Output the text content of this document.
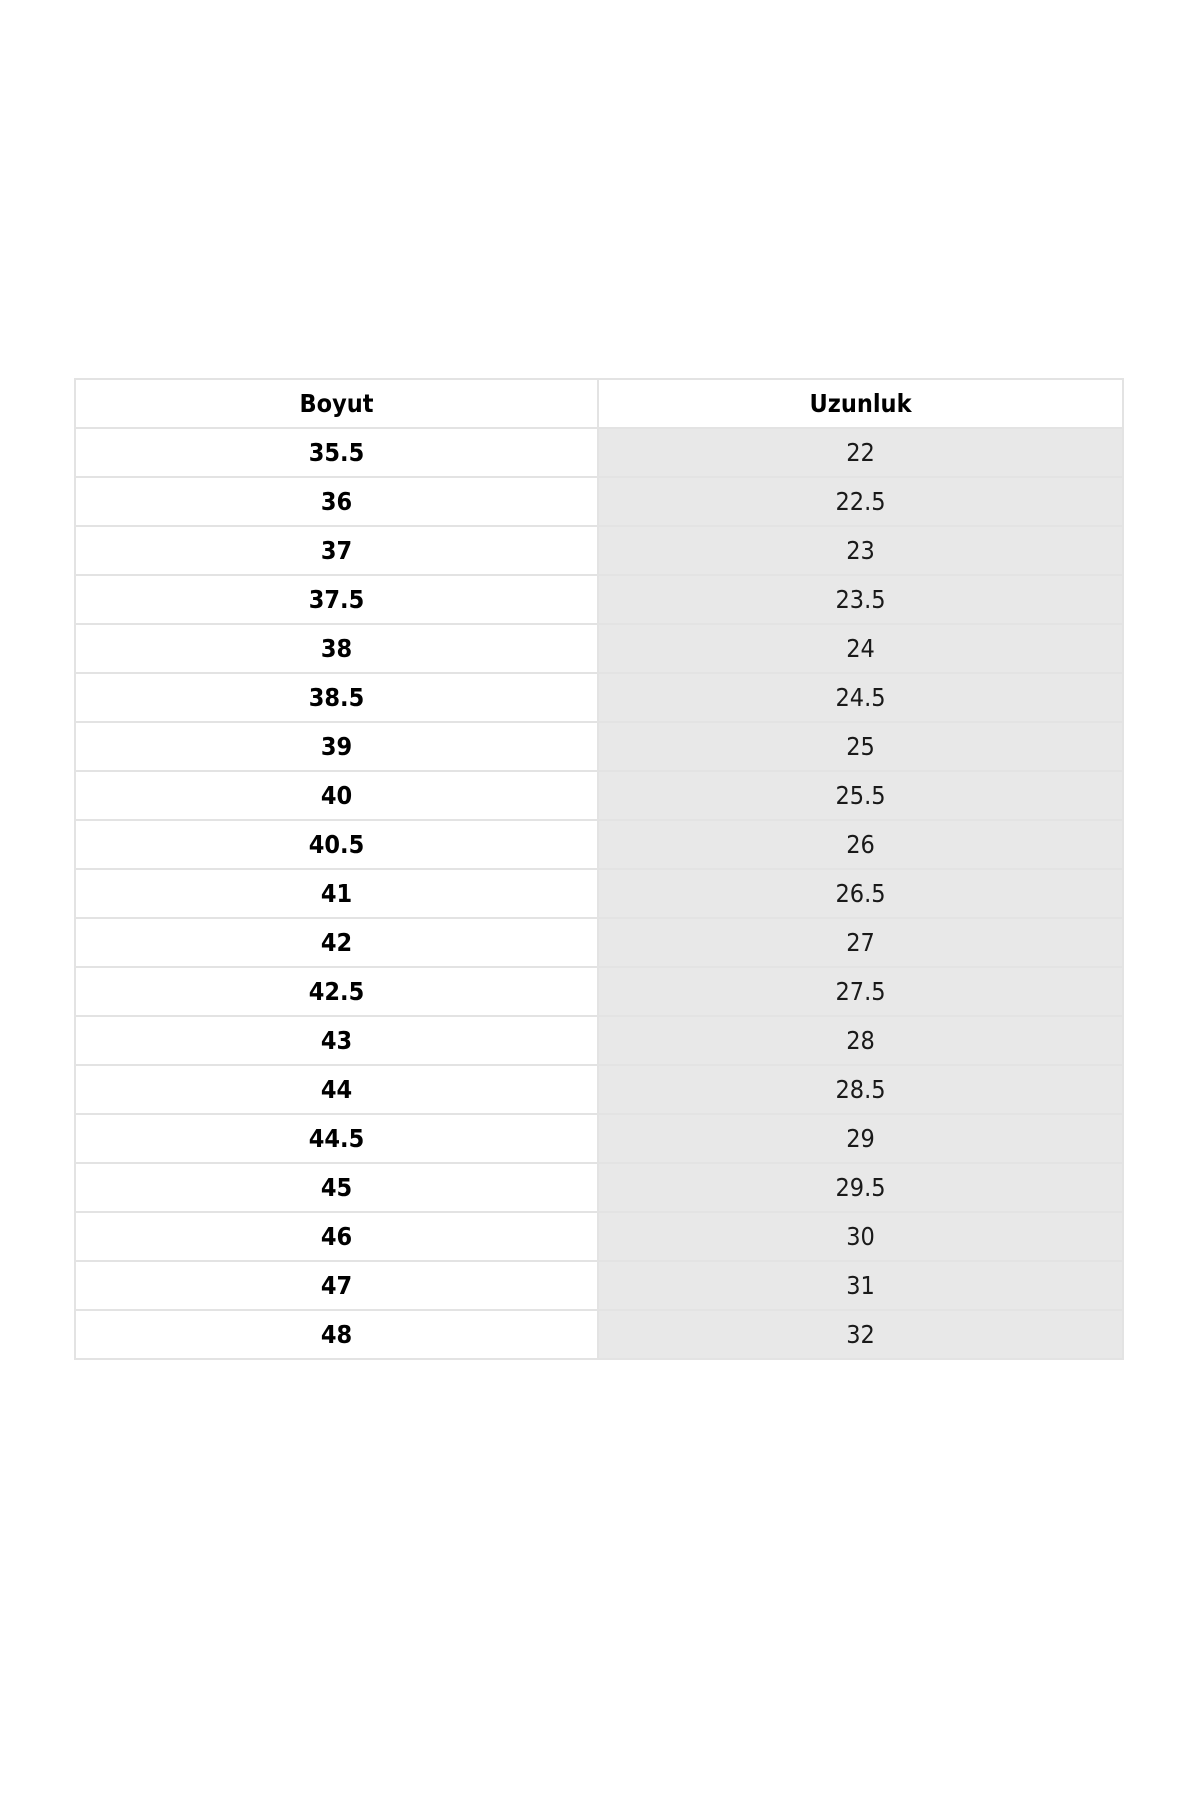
Boyut	Uzunluk
35.5	22
36	22.5
37	23
37.5	23.5
38	24
38.5	24.5
39	25
40	25.5
40.5	26
41	26.5
42	27
42.5	27.5
43	28
44	28.5
44.5	29
45	29.5
46	30
47	31
48	32
